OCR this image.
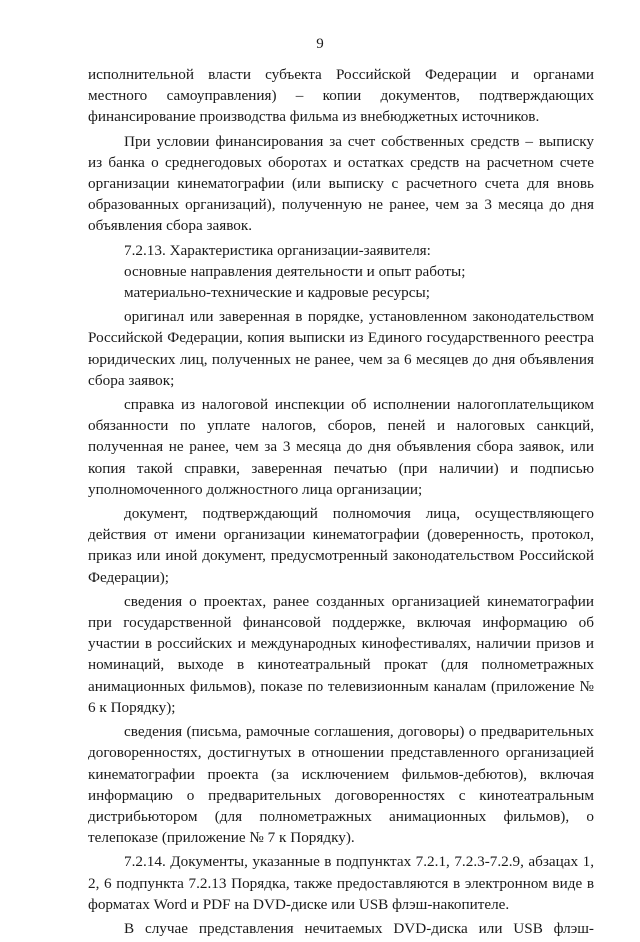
9

исполнительной власти субъекта Российской Федерации и органами местного самоуправления) – копии документов, подтверждающих финансирование производства фильма из внебюджетных источников.

При условии финансирования за счет собственных средств – выписку из банка о среднегодовых оборотах и остатках средств на расчетном счете организации кинематографии (или выписку с расчетного счета для вновь образованных организаций), полученную не ранее, чем за 3 месяца до дня объявления сбора заявок.

7.2.13. Характеристика организации-заявителя:

основные направления деятельности и опыт работы;

материально-технические и кадровые ресурсы;

оригинал или заверенная в порядке, установленном законодательством Российской Федерации, копия выписки из Единого государственного реестра юридических лиц, полученных не ранее, чем за 6 месяцев до дня объявления сбора заявок;

справка из налоговой инспекции об исполнении налогоплательщиком обязанности по уплате налогов, сборов, пеней и налоговых санкций, полученная не ранее, чем за 3 месяца до дня объявления сбора заявок, или копия такой справки, заверенная печатью (при наличии) и подписью уполномоченного должностного лица организации;

документ, подтверждающий полномочия лица, осуществляющего действия от имени организации кинематографии (доверенность, протокол, приказ или иной документ, предусмотренный законодательством Российской Федерации);

сведения о проектах, ранее созданных организацией кинематографии при государственной финансовой поддержке, включая информацию об участии в российских и международных кинофестивалях, наличии призов и номинаций, выходе в кинотеатральный прокат (для полнометражных анимационных фильмов), показе по телевизионным каналам (приложение № 6 к Порядку);

сведения (письма, рамочные соглашения, договоры) о предварительных договоренностях, достигнутых в отношении представленного организацией кинематографии проекта (за исключением фильмов-дебютов), включая информацию о предварительных договоренностях с кинотеатральным дистрибьютором (для полнометражных анимационных фильмов), о телепоказе (приложение № 7 к Порядку).

7.2.14. Документы, указанные в подпунктах 7.2.1, 7.2.3-7.2.9, абзацах 1, 2, 6 подпункта 7.2.13 Порядка, также предоставляются в электронном виде в форматах Word и PDF на DVD-диске или USB флэш-накопителе.

В случае представления нечитаемых DVD-диска или USB флэш-
